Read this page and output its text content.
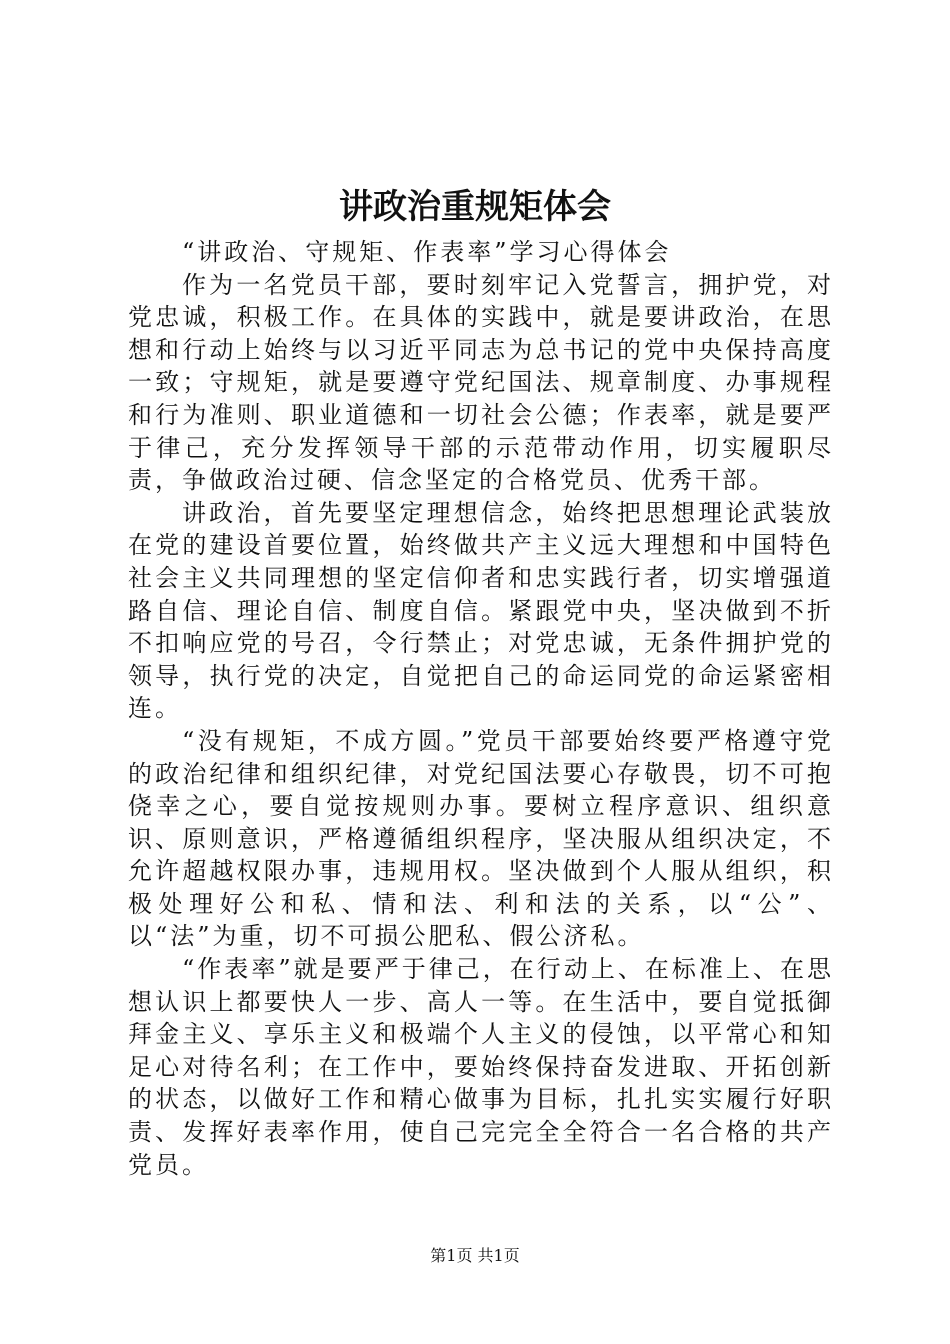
讲政治重规矩体会

“讲政治、守规矩、作表率”学习心得体会

作为一名党员干部，要时刻牢记入党誓言，拥护党，对党忠诚，积极工作。在具体的实践中，就是要讲政治，在思想和行动上始终与以习近平同志为总书记的党中央保持高度一致；守规矩，就是要遵守党纪国法、规章制度、办事规程和行为准则、职业道德和一切社会公德；作表率，就是要严于律己，充分发挥领导干部的示范带动作用，切实履职尽责，争做政治过硬、信念坚定的合格党员、优秀干部。

讲政治，首先要坚定理想信念，始终把思想理论武装放在党的建设首要位置，始终做共产主义远大理想和中国特色社会主义共同理想的坚定信仰者和忠实践行者，切实增强道路自信、理论自信、制度自信。紧跟党中央，坚决做到不折不扣响应党的号召，令行禁止；对党忠诚，无条件拥护党的领导，执行党的决定，自觉把自己的命运同党的命运紧密相连。

“没有规矩，不成方圆。”党员干部要始终要严格遵守党的政治纪律和组织纪律，对党纪国法要心存敬畏，切不可抱侥幸之心，要自觉按规则办事。要树立程序意识、组织意识、原则意识，严格遵循组织程序，坚决服从组织决定，不允许超越权限办事，违规用权。坚决做到个人服从组织，积极处理好公和私、情和法、利和法的关系，以“公”、以“法”为重，切不可损公肥私、假公济私。

“作表率”就是要严于律己，在行动上、在标准上、在思想认识上都要快人一步、高人一等。在生活中，要自觉抵御拜金主义、享乐主义和极端个人主义的侵蚀，以平常心和知足心对待名利；在工作中，要始终保持奋发进取、开拓创新的状态，以做好工作和精心做事为目标，扎扎实实履行好职责、发挥好表率作用，使自己完完全全符合一名合格的共产党员。

第1页 共1页
